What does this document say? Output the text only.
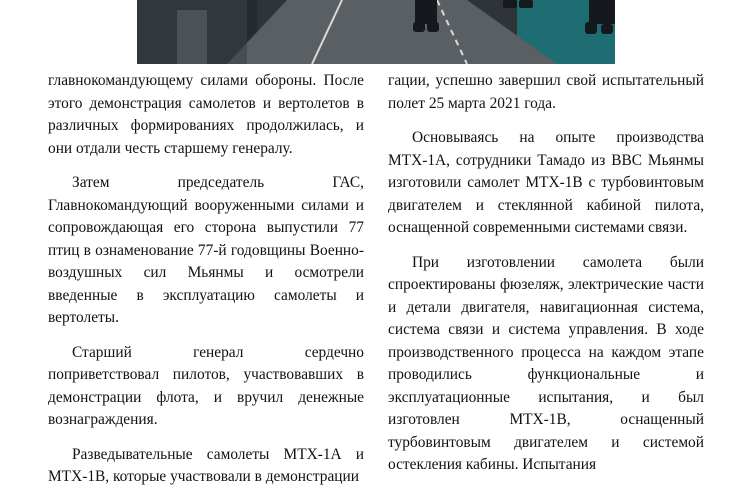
главнокомандующему силами обороны. После этого демонстрация самолетов и вертолетов в различных формированиях продолжилась, и они отдали честь старшему генералу.

Затем председатель ГАС, Главнокомандующий вооруженными силами и сопровождающая его сторона выпустили 77 птиц в ознаменование 77-й годовщины Военно-воздушных сил Мьянмы и осмотрели введенные в эксплуатацию самолеты и вертолеты.

Старший генерал сердечно поприветствовал пилотов, участвовавших в демонстрации флота, и вручил денежные вознаграждения.

Разведывательные самолеты МТХ-1А и МТХ-1В, которые участвовали в демонстрации

гации, успешно завершил свой испытательный полет 25 марта 2021 года.

Основываясь на опыте производства МТХ-1А, сотрудники Тамадо из ВВС Мьянмы изготовили самолет МТХ-1В с турбовинтовым двигателем и стеклянной кабиной пилота, оснащенной современными системами связи.

При изготовлении самолета были спроектированы фюзеляж, электрические части и детали двигателя, навигационная система, система связи и система управления. В ходе производственного процесса на каждом этапе проводились функциональные и эксплуатационные испытания, и был изготовлен МТХ-1В, оснащенный турбовинтовым двигателем и системой остекления кабины. Испытания
